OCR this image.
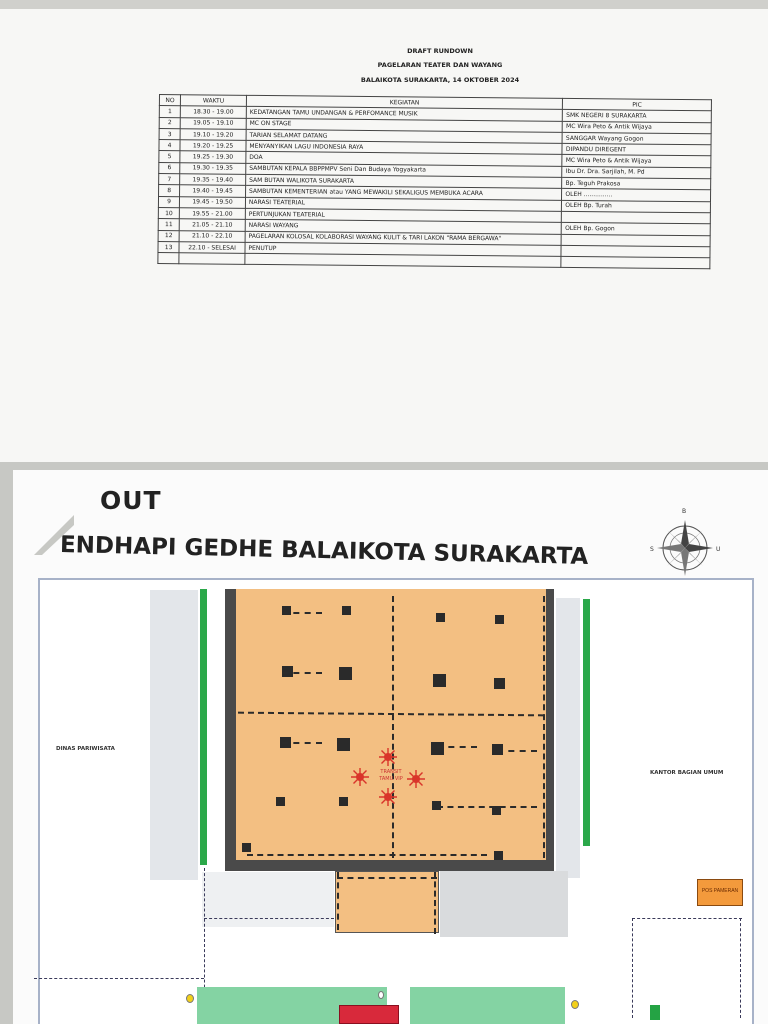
DRAFT RUNDOWN
PAGELARAN TEATER DAN WAYANG
BALAIKOTA SURAKARTA, 14 OKTOBER 2024
NO	WAKTU	KEGIATAN	PIC
1	18.30 - 19.00	KEDATANGAN TAMU UNDANGAN & PERFOMANCE MUSIK	SMK NEGERI 8 SURAKARTA
2	19.05 - 19.10	MC ON STAGE	MC Wira Peto & Antik Wijaya
3	19.10 - 19.20	TARIAN SELAMAT DATANG	SANGGAR Wayang Gogon
4	19.20 - 19.25	MENYANYIKAN LAGU INDONESIA RAYA	DIPANDU DIREGENT
5	19.25 - 19.30	DOA	MC Wira Peto & Antik Wijaya
6	19.30 - 19.35	SAMBUTAN KEPALA BBPPMPV Seni Dan Budaya Yogyakarta	Ibu Dr. Dra. Sarjilah, M. Pd
7	19.35 - 19.40	SAM BUTAN WALIKOTA SURAKARTA	Bp. Teguh Prakosa
8	19.40 - 19.45	SAMBUTAN KEMENTERIAN atau YANG MEWAKILI SEKALIGUS MEMBUKA ACARA	OLEH ...............
9	19.45 - 19.50	NARASI TEATERIAL	OLEH Bp. Turah
10	19.55 - 21.00	PERTUNJUKAN TEATERIAL	
11	21.05 - 21.10	NARASI WAYANG	OLEH Bp. Gogon
12	21.10 - 22.10	PAGELARAN KOLOSAL KOLABORASI WAYANG KULIT & TARI LAKON "RAMA BERGAWA"	
13	22.10 - SELESAI	PENUTUP	

OUT
ENDHAPI GEDHE BALAIKOTA SURAKARTA
B
U
S
TRANSIT TAMU VIP
DINAS PARIWISATA
KANTOR BAGIAN UMUM
POS PAMERAN
